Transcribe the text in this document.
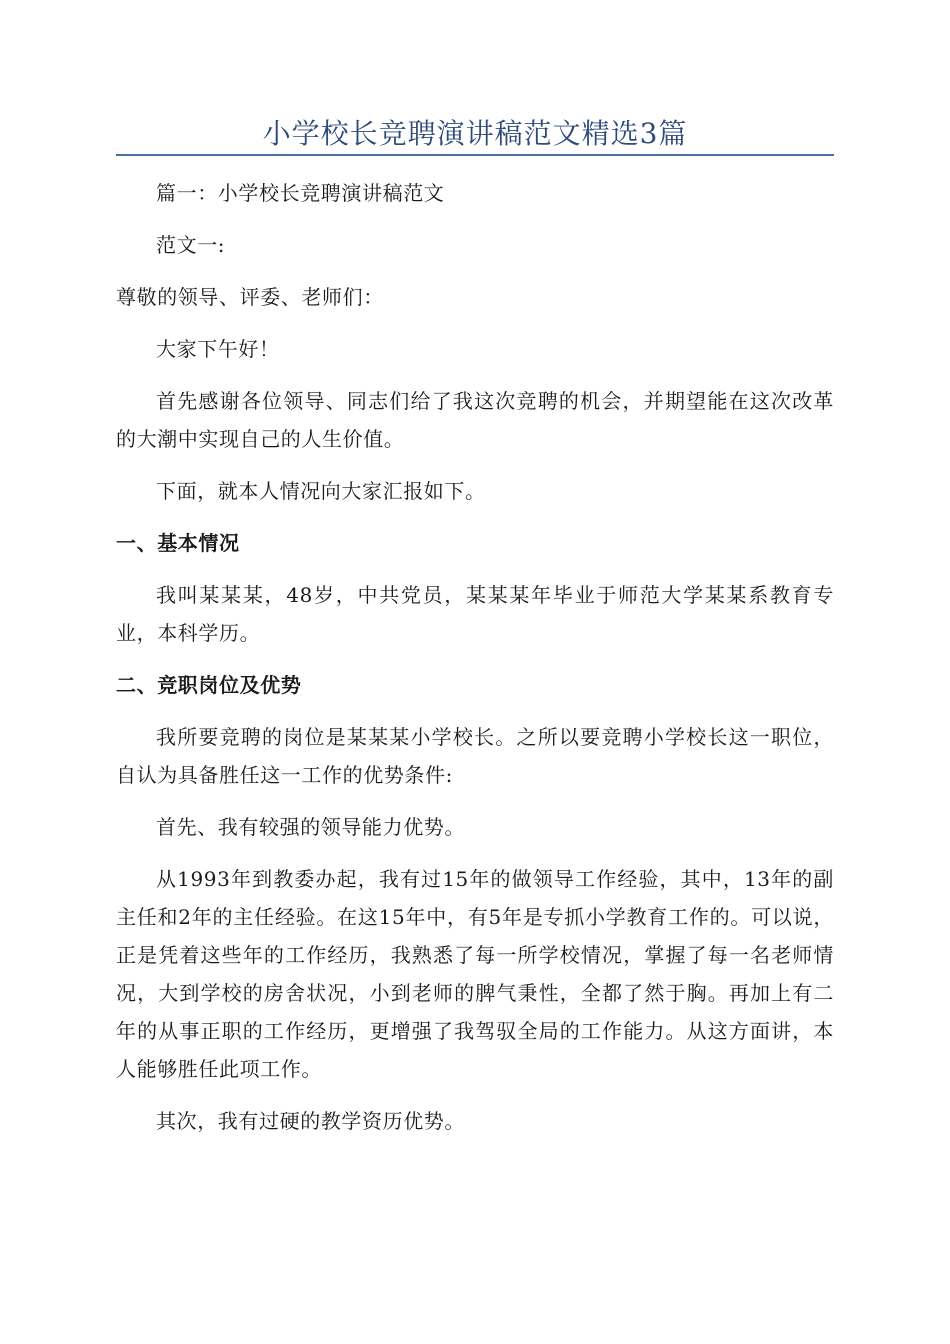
小学校长竞聘演讲稿范文精选3篇

篇一：小学校长竞聘演讲稿范文

范文一:

尊敬的领导、评委、老师们：

大家下午好！

首先感谢各位领导、同志们给了我这次竞聘的机会，并期望能在这次改革的大潮中实现自己的人生价值。

下面，就本人情况向大家汇报如下。

一、基本情况

我叫某某某，48岁，中共党员，某某某年毕业于师范大学某某系教育专业，本科学历。

二、竞职岗位及优势

我所要竞聘的岗位是某某某小学校长。之所以要竞聘小学校长这一职位，自认为具备胜任这一工作的优势条件:

首先、我有较强的领导能力优势。

从1993年到教委办起，我有过15年的做领导工作经验，其中，13年的副主任和2年的主任经验。在这15年中，有5年是专抓小学教育工作的。可以说，正是凭着这些年的工作经历，我熟悉了每一所学校情况，掌握了每一名老师情况，大到学校的房舍状况，小到老师的脾气秉性，全都了然于胸。再加上有二年的从事正职的工作经历，更增强了我驾驭全局的工作能力。从这方面讲，本人能够胜任此项工作。

其次，我有过硬的教学资历优势。
